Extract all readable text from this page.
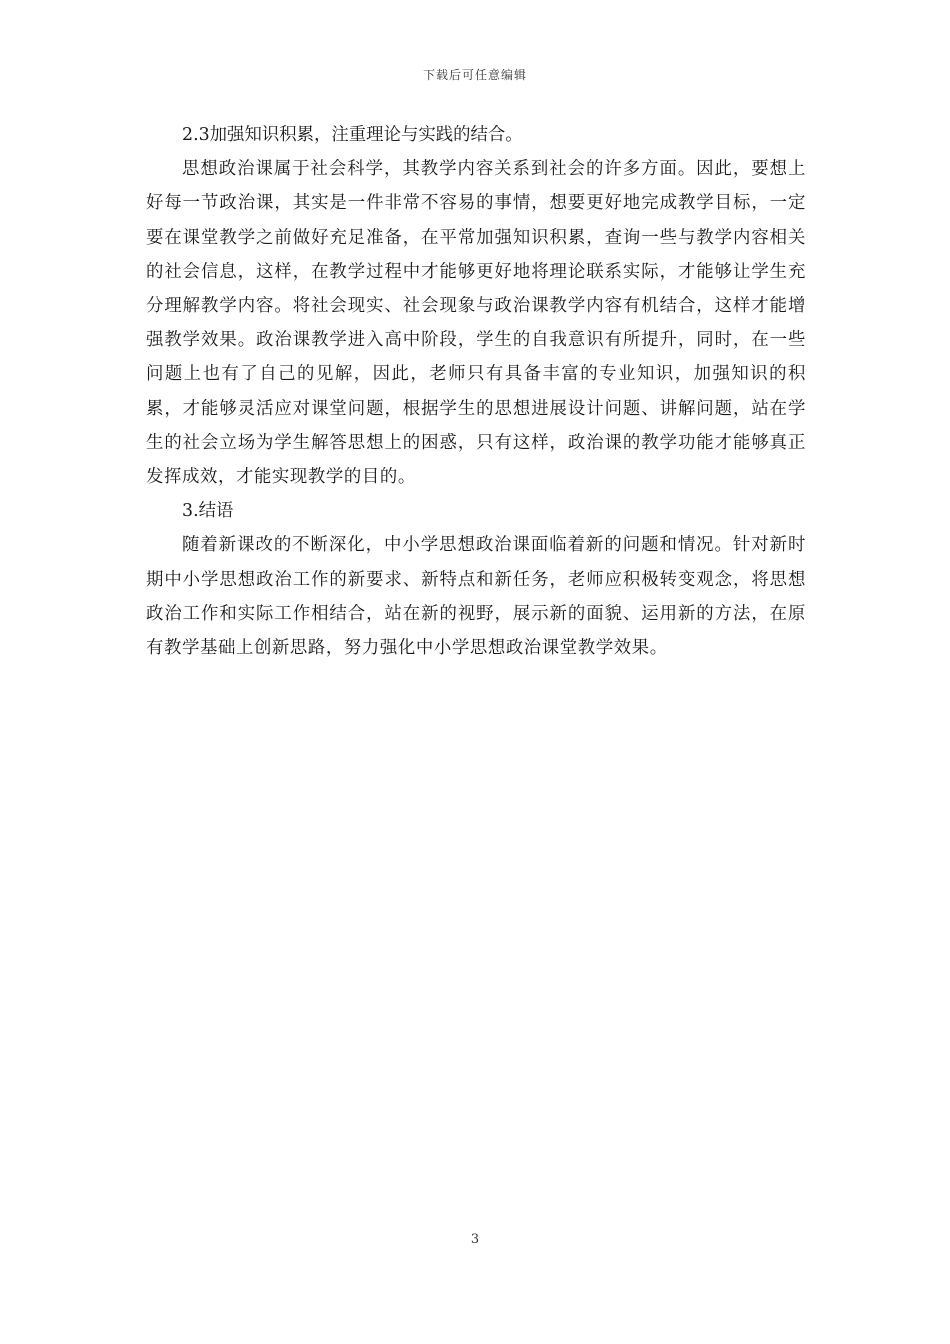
下载后可任意编辑

2.3加强知识积累，注重理论与实践的结合。

思想政治课属于社会科学，其教学内容关系到社会的许多方面。因此，要想上好每一节政治课，其实是一件非常不容易的事情，想要更好地完成教学目标，一定要在课堂教学之前做好充足准备，在平常加强知识积累，查询一些与教学内容相关的社会信息，这样，在教学过程中才能够更好地将理论联系实际，才能够让学生充分理解教学内容。将社会现实、社会现象与政治课教学内容有机结合，这样才能增强教学效果。政治课教学进入高中阶段，学生的自我意识有所提升，同时，在一些问题上也有了自己的见解，因此，老师只有具备丰富的专业知识，加强知识的积累，才能够灵活应对课堂问题，根据学生的思想进展设计问题、讲解问题，站在学生的社会立场为学生解答思想上的困惑，只有这样，政治课的教学功能才能够真正发挥成效，才能实现教学的目的。

3.结语

随着新课改的不断深化，中小学思想政治课面临着新的问题和情况。针对新时期中小学思想政治工作的新要求、新特点和新任务，老师应积极转变观念，将思想政治工作和实际工作相结合，站在新的视野，展示新的面貌、运用新的方法，在原有教学基础上创新思路，努力强化中小学思想政治课堂教学效果。

3
